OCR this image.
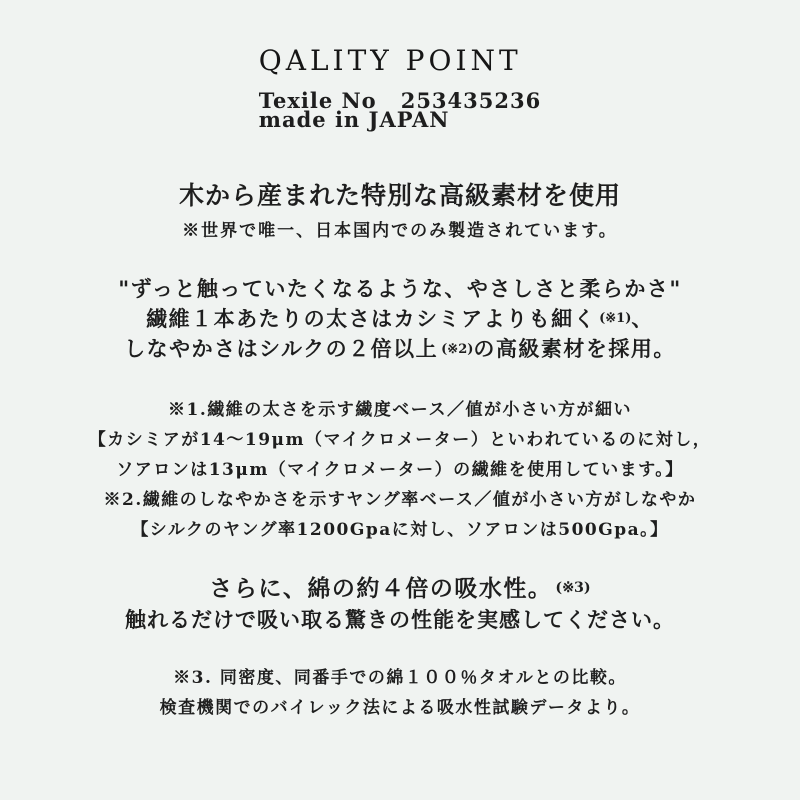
QALITY POINT
Texile No 253435236
made in JAPAN
木から産まれた特別な高級素材を使用
※世界で唯一、日本国内でのみ製造されています。
"ずっと触っていたくなるような、やさしさと柔らかさ"
繊維１本あたりの太さはカシミアよりも細く (※1)、
しなやかさはシルクの２倍以上 (※2)の高級素材を採用。
※1.繊維の太さを示す繊度ベース／値が小さい方が細い
【カシミアが14～19μm（マイクロメーター）といわれているのに対し，
ソアロンは13μm（マイクロメーター）の繊維を使用しています。】
※2.繊維のしなやかさを示すヤング率ベース／値が小さい方がしなやか
【シルクのヤング率1200Gpaに対し、ソアロンは500Gpa。】
さらに、綿の約４倍の吸水性。 (※3)
触れるだけで吸い取る驚きの性能を実感してください。
※3. 同密度、同番手での綿１００％タオルとの比較。
検査機関でのバイレック法による吸水性試験データより。
